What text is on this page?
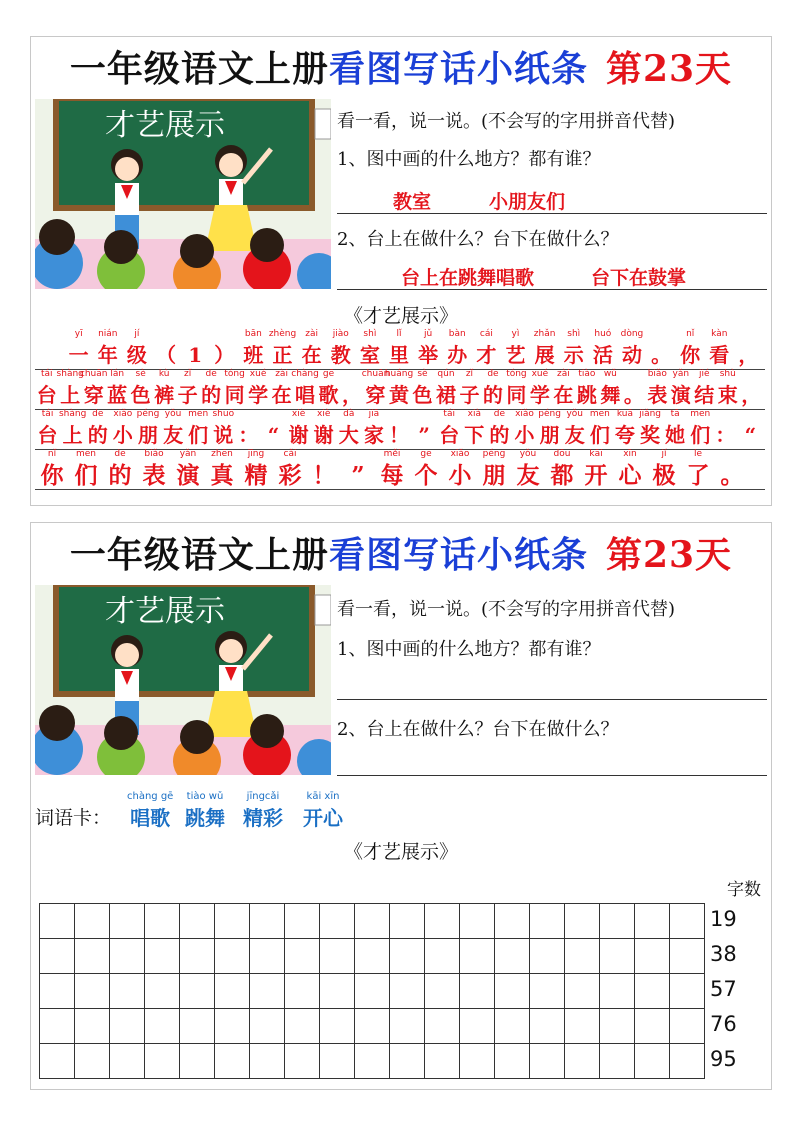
一年级语文上册看图写话小纸条 第23天
才艺展示	看一看，说一说。(不会写的字用拼音代替)
1、图中画的什么地方？都有谁？
教室	小朋友们
2、台上在做什么？台下在做什么？
台上在跳舞唱歌	台下在鼓掌
《才艺展示》
yī
一
nián
年
jí
级 （ 1 ）
bān
班
zhèng
正
zài
在
jiào
教
shì
室
lǐ
里
jǔ
举
bàn
办
cái
才
yì
艺
zhǎn
展
shì
示
huó
活
dòng
动 。
nǐ
你
kàn
看 ，
tái
台
shàng
上
chuān
穿
lán
蓝
sè
色
kù
裤
zǐ
子
de
的
tóng
同
xué
学
zài
在
chàng
唱
gē
歌 ，
chuān
穿
huáng
黄
sè
色
qún
裙
zǐ
子
de
的
tóng
同
xué
学
zài
在
tiào
跳
wǔ
舞 。
biǎo
表
yǎn
演
jié
结
shù
束 ，
tái
台
shàng
上
de
的
xiǎo
小
péng
朋
yǒu
友
men
们
shuō
说 ： “
xiè
谢
xiè
谢
dà
大
jiā
家 ！ ”
tái
台
xià
下
de
的
xiǎo
小
péng
朋
yǒu
友
men
们
kuā
夸
jiǎng
奖
tā
她
men
们 ： “
nǐ
你
men
们
de
的
biǎo
表
yǎn
演
zhēn
真
jīng
精
cǎi
彩 ！ ”
měi
每
ge
个
xiǎo
小
péng
朋
yǒu
友
dōu
都
kāi
开
xīn
心
jí
极
le
了 。
一年级语文上册看图写话小纸条 第23天
才艺展示	看一看，说一说。(不会写的字用拼音代替)
1、图中画的什么地方？都有谁？
2、台上在做什么？台下在做什么？
词语卡：
chàng gē
唱歌
tiào wǔ
跳舞
jīngcǎi
精彩
kāi xīn
开心
《才艺展示》
字数
19
38
57
76
95
